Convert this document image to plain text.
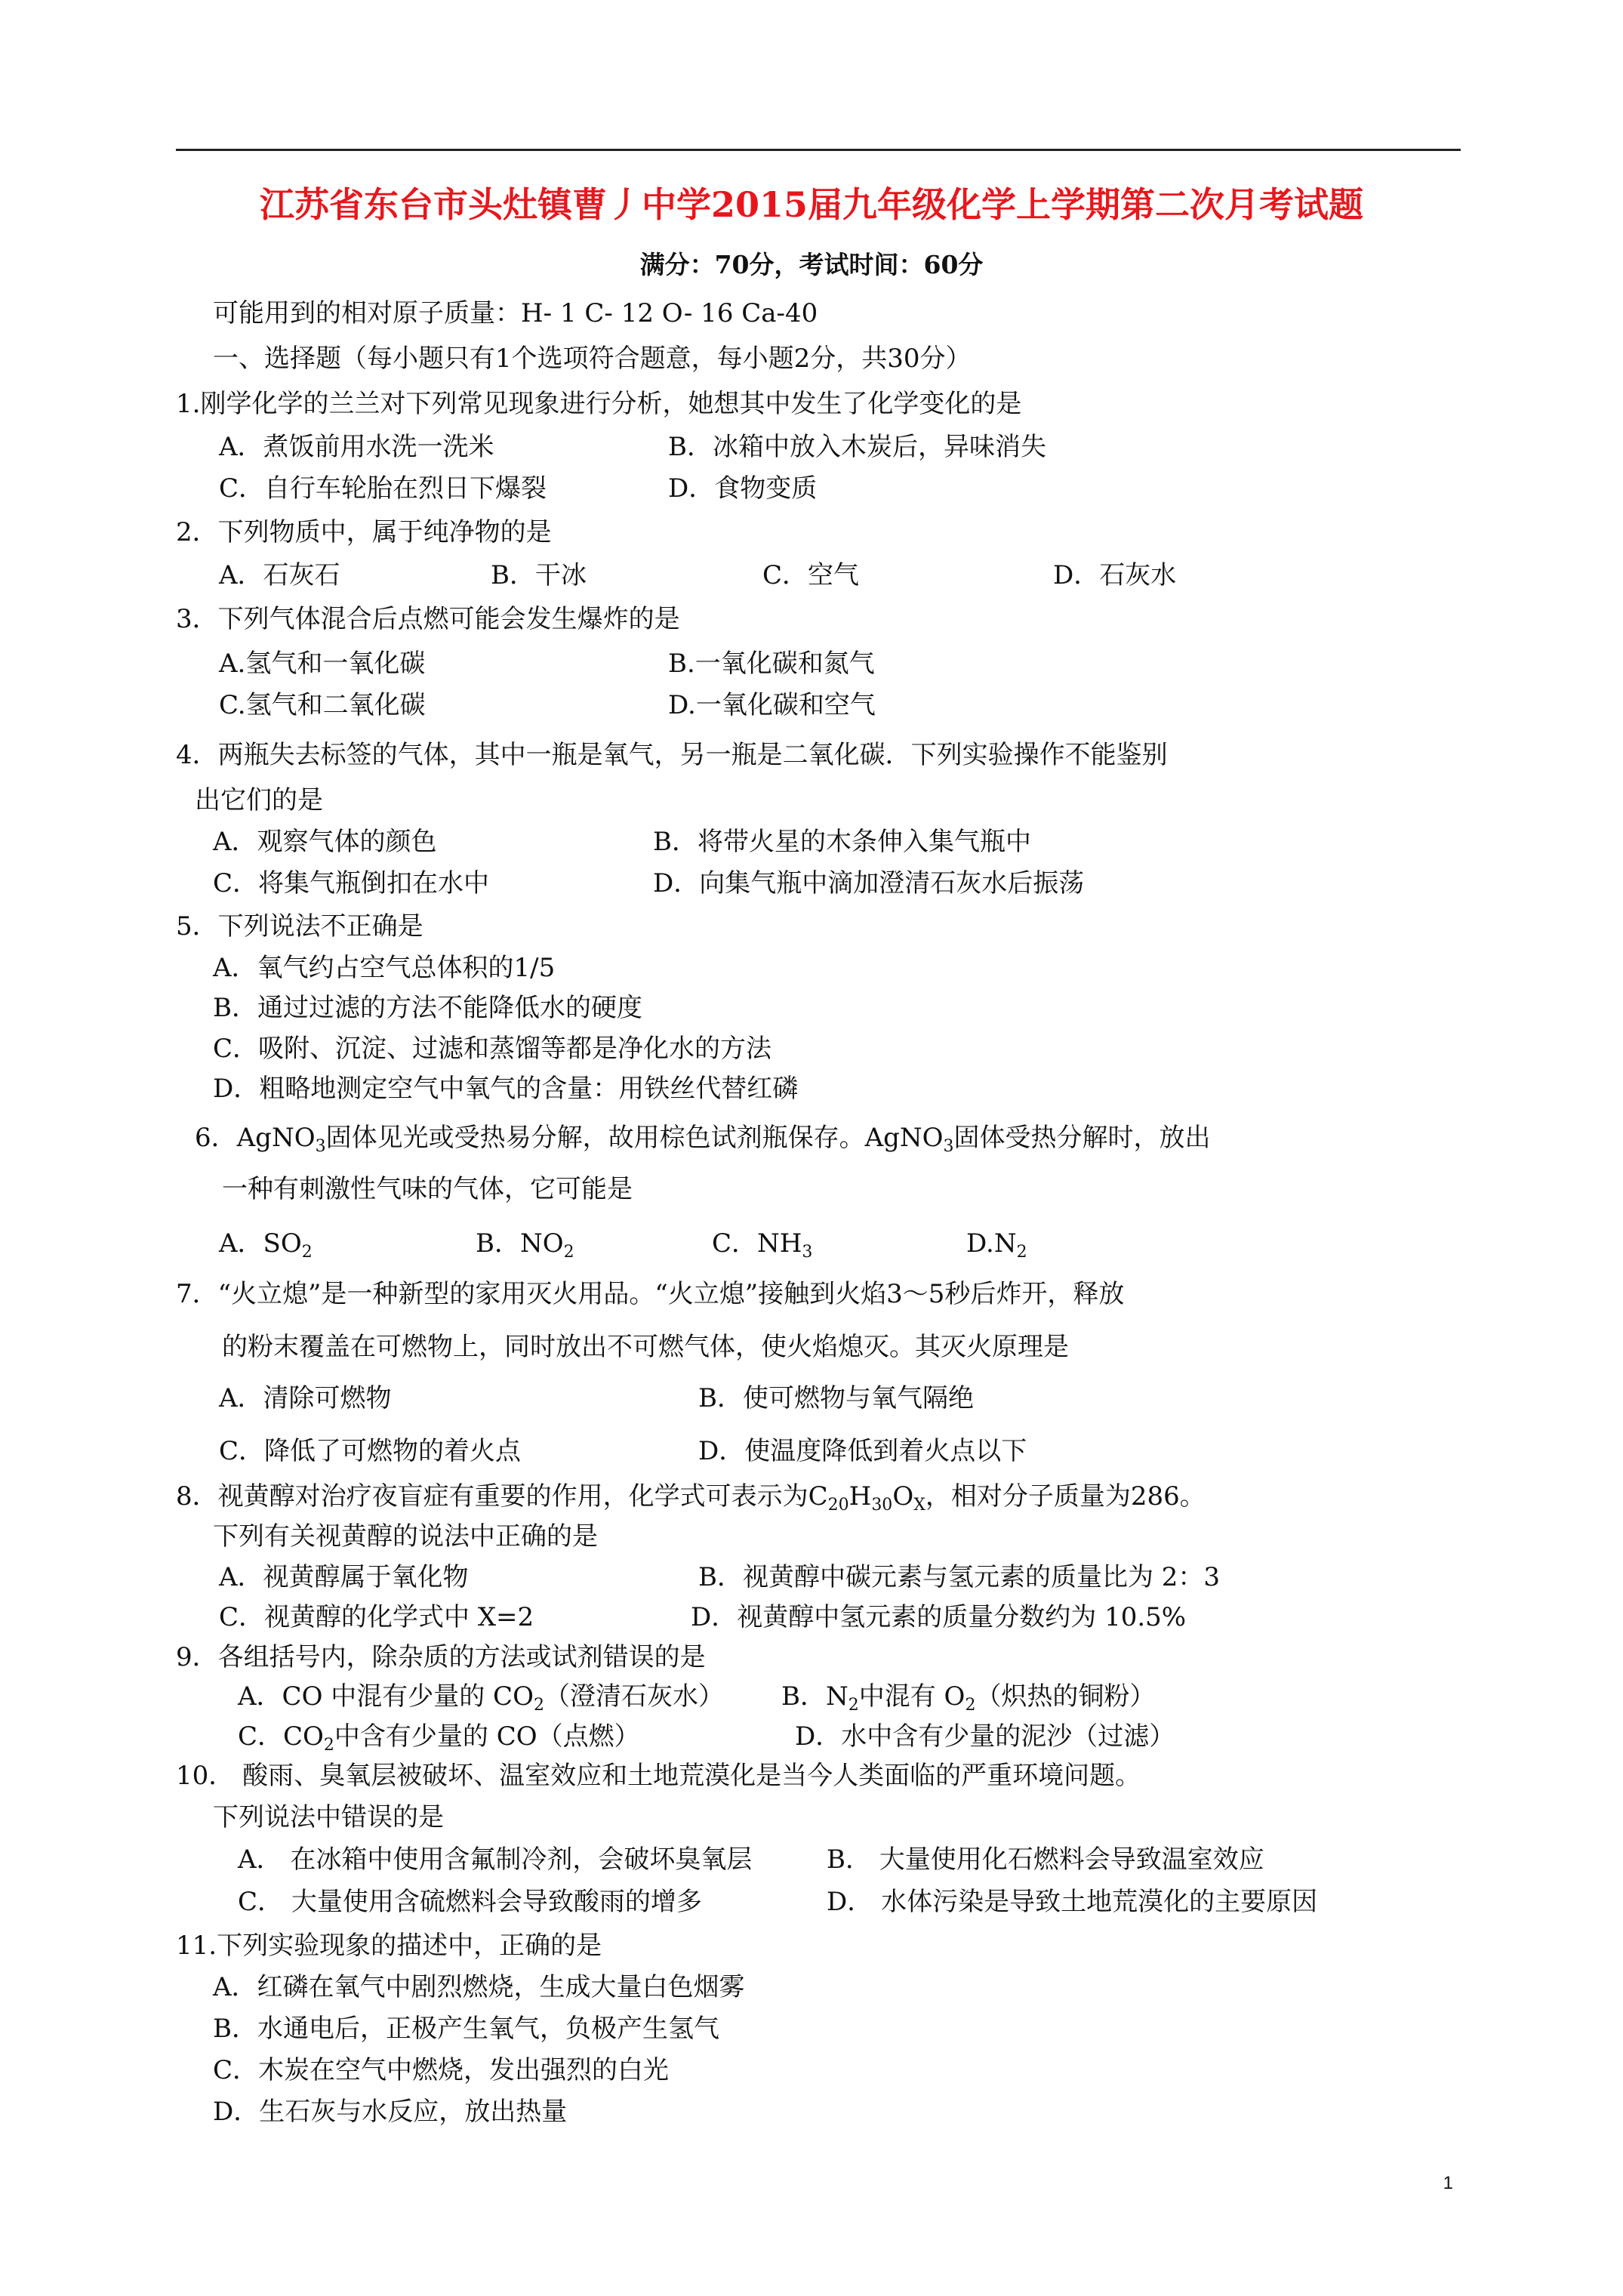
江苏省东台市头灶镇曹丿中学2015届九年级化学上学期第二次月考试题
满分：70分，考试时间：60分
可能用到的相对原子质量：H- 1 C- 12 O- 16 Ca-40
一、选择题（每小题只有1个选项符合题意，每小题2分，共30分）
1.刚学化学的兰兰对下列常见现象进行分析，她想其中发生了化学变化的是
A．煮饭前用水洗一洗米	B．冰箱中放入木炭后，异味消失
C．自行车轮胎在烈日下爆裂	D．食物变质
2．下列物质中，属于纯净物的是
A．石灰石	B．干冰	C．空气	D．石灰水
3．下列气体混合后点燃可能会发生爆炸的是
A.氢气和一氧化碳	B.一氧化碳和氮气
C.氢气和二氧化碳	D.一氧化碳和空气
4．两瓶失去标签的气体，其中一瓶是氧气，另一瓶是二氧化碳．下列实验操作不能鉴别
出它们的是
A．观察气体的颜色	B．将带火星的木条伸入集气瓶中
C．将集气瓶倒扣在水中	D．向集气瓶中滴加澄清石灰水后振荡
5．下列说法不正确是
A．氧气约占空气总体积的1/5
B．通过过滤的方法不能降低水的硬度
C．吸附、沉淀、过滤和蒸馏等都是净化水的方法
D．粗略地测定空气中氧气的含量：用铁丝代替红磷
6．AgNO$_3$固体见光或受热易分解，故用棕色试剂瓶保存。AgNO$_3$固体受热分解时，放出
一种有刺激性气味的气体，它可能是
A．$SO_2$	B．$NO_2$	C．$NH_3$	$D.N_2$
7．“火立熄”是一种新型的家用灭火用品。“火立熄”接触到火焰3～5秒后炸开，释放
的粉末覆盖在可燃物上，同时放出不可燃气体，使火焰熄灭。其灭火原理是
A．清除可燃物	B．使可燃物与氧气隔绝
C．降低了可燃物的着火点	D．使温度降低到着火点以下
8．视黄醇对治疗夜盲症有重要的作用，化学式可表示为$C_{20}H_{30}O_X$，相对分子质量为286。
下列有关视黄醇的说法中正确的是
A．视黄醇属于氧化物	B．视黄醇中碳元素与氢元素的质量比为 2：3
C．视黄醇的化学式中 X=2	D．视黄醇中氢元素的质量分数约为 10.5%
9．各组括号内，除杂质的方法或试剂错误的是
A．CO 中混有少量的 $CO_2$（澄清石灰水） B．$N_2$中混有 $O_2$（炽热的铜粉）
C．$CO_2$中含有少量的 CO（点燃）	D．水中含有少量的泥沙（过滤）
10． 酸雨、臭氧层被破坏、温室效应和土地荒漠化是当今人类面临的严重环境问题。
下列说法中错误的是
A． 在冰箱中使用含氟制冷剂，会破坏臭氧层	B． 大量使用化石燃料会导致温室效应
C． 大量使用含硫燃料会导致酸雨的增多	D． 水体污染是导致土地荒漠化的主要原因
11.下列实验现象的描述中，正确的是
A．红磷在氧气中剧烈燃烧，生成大量白色烟雾
B．水通电后，正极产生氧气，负极产生氢气
C．木炭在空气中燃烧，发出强烈的白光
D．生石灰与水反应，放出热量
1
